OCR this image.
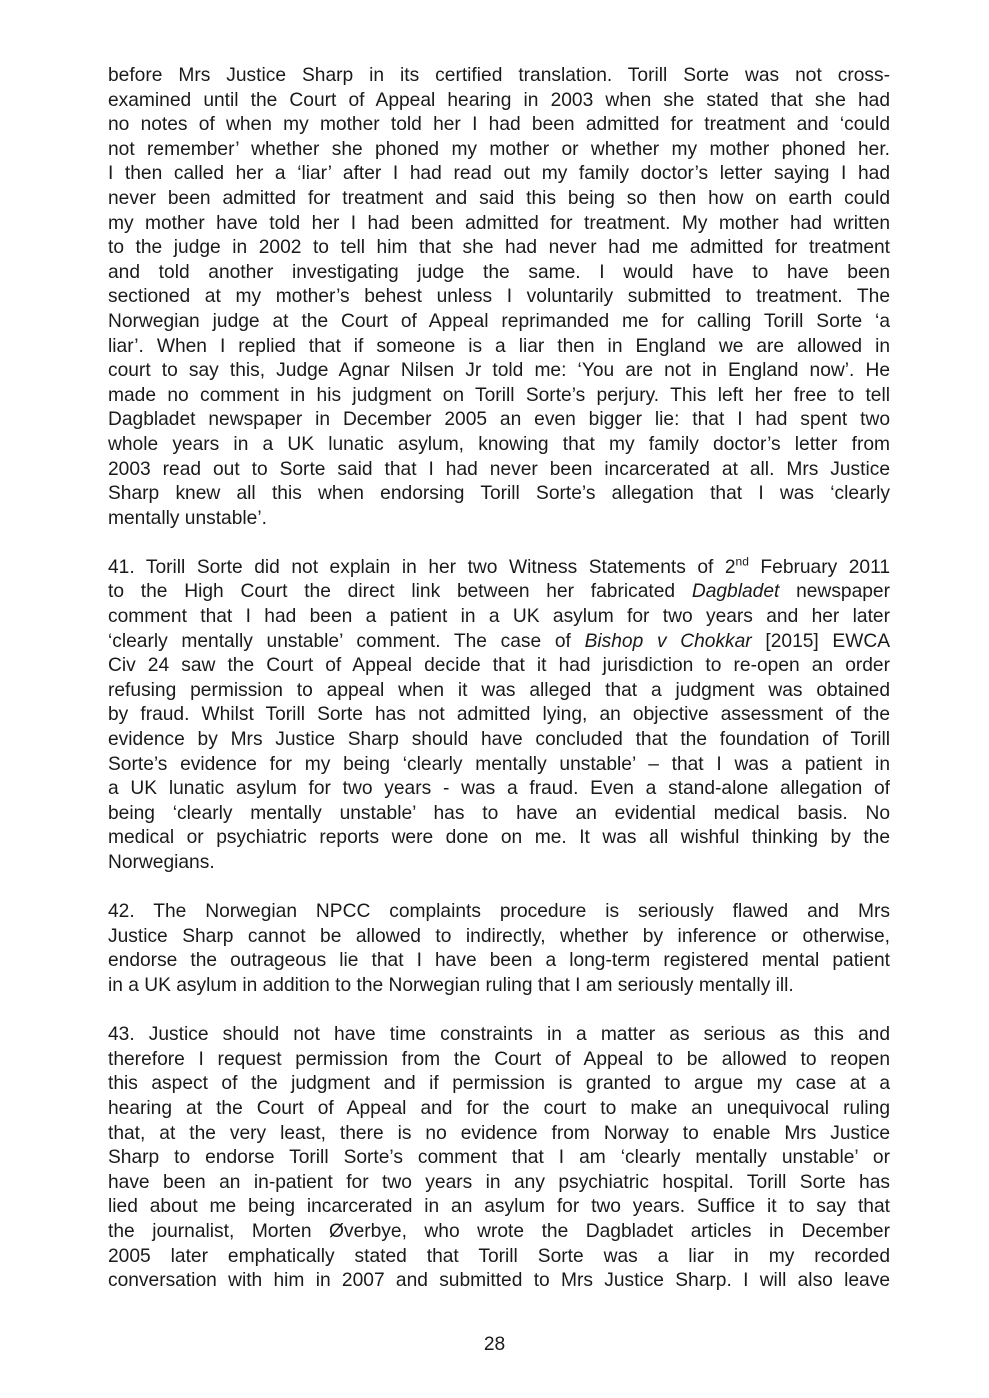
before Mrs Justice Sharp in its certified translation. Torill Sorte was not cross-
examined until the Court of Appeal hearing in 2003 when she stated that she had
no notes of when my mother told her I had been admitted for treatment and ‘could
not remember’ whether she phoned my mother or whether my mother phoned her.
I then called her a ‘liar’ after I had read out my family doctor’s letter saying I had
never been admitted for treatment and said this being so then how on earth could
my mother have told her I had been admitted for treatment. My mother had written
to the judge in 2002 to tell him that she had never had me admitted for treatment
and told another investigating judge the same. I would have to have been
sectioned at my mother’s behest unless I voluntarily submitted to treatment. The
Norwegian judge at the Court of Appeal reprimanded me for calling Torill Sorte ‘a
liar’. When I replied that if someone is a liar then in England we are allowed in
court to say this, Judge Agnar Nilsen Jr told me: ‘You are not in England now’. He
made no comment in his judgment on Torill Sorte’s perjury. This left her free to tell
Dagbladet newspaper in December 2005 an even bigger lie: that I had spent two
whole years in a UK lunatic asylum, knowing that my family doctor’s letter from
2003 read out to Sorte said that I had never been incarcerated at all. Mrs Justice
Sharp knew all this when endorsing Torill Sorte’s allegation that I was ‘clearly
mentally unstable’.
41. Torill Sorte did not explain in her two Witness Statements of 2nd February 2011
to the High Court the direct link between her fabricated Dagbladet newspaper
comment that I had been a patient in a UK asylum for two years and her later
‘clearly mentally unstable’ comment. The case of Bishop v Chokkar [2015] EWCA
Civ 24 saw the Court of Appeal decide that it had jurisdiction to re-open an order
refusing permission to appeal when it was alleged that a judgment was obtained
by fraud. Whilst Torill Sorte has not admitted lying, an objective assessment of the
evidence by Mrs Justice Sharp should have concluded that the foundation of Torill
Sorte’s evidence for my being ‘clearly mentally unstable’ – that I was a patient in
a UK lunatic asylum for two years - was a fraud. Even a stand-alone allegation of
being ‘clearly mentally unstable’ has to have an evidential medical basis. No
medical or psychiatric reports were done on me. It was all wishful thinking by the
Norwegians.
42. The Norwegian NPCC complaints procedure is seriously flawed and Mrs
Justice Sharp cannot be allowed to indirectly, whether by inference or otherwise,
endorse the outrageous lie that I have been a long-term registered mental patient
in a UK asylum in addition to the Norwegian ruling that I am seriously mentally ill.
43. Justice should not have time constraints in a matter as serious as this and
therefore I request permission from the Court of Appeal to be allowed to reopen
this aspect of the judgment and if permission is granted to argue my case at a
hearing at the Court of Appeal and for the court to make an unequivocal ruling
that, at the very least, there is no evidence from Norway to enable Mrs Justice
Sharp to endorse Torill Sorte’s comment that I am ‘clearly mentally unstable’ or
have been an in-patient for two years in any psychiatric hospital. Torill Sorte has
lied about me being incarcerated in an asylum for two years. Suffice it to say that
the journalist, Morten Øverbye, who wrote the Dagbladet articles in December
2005 later emphatically stated that Torill Sorte was a liar in my recorded
conversation with him in 2007 and submitted to Mrs Justice Sharp. I will also leave
28
